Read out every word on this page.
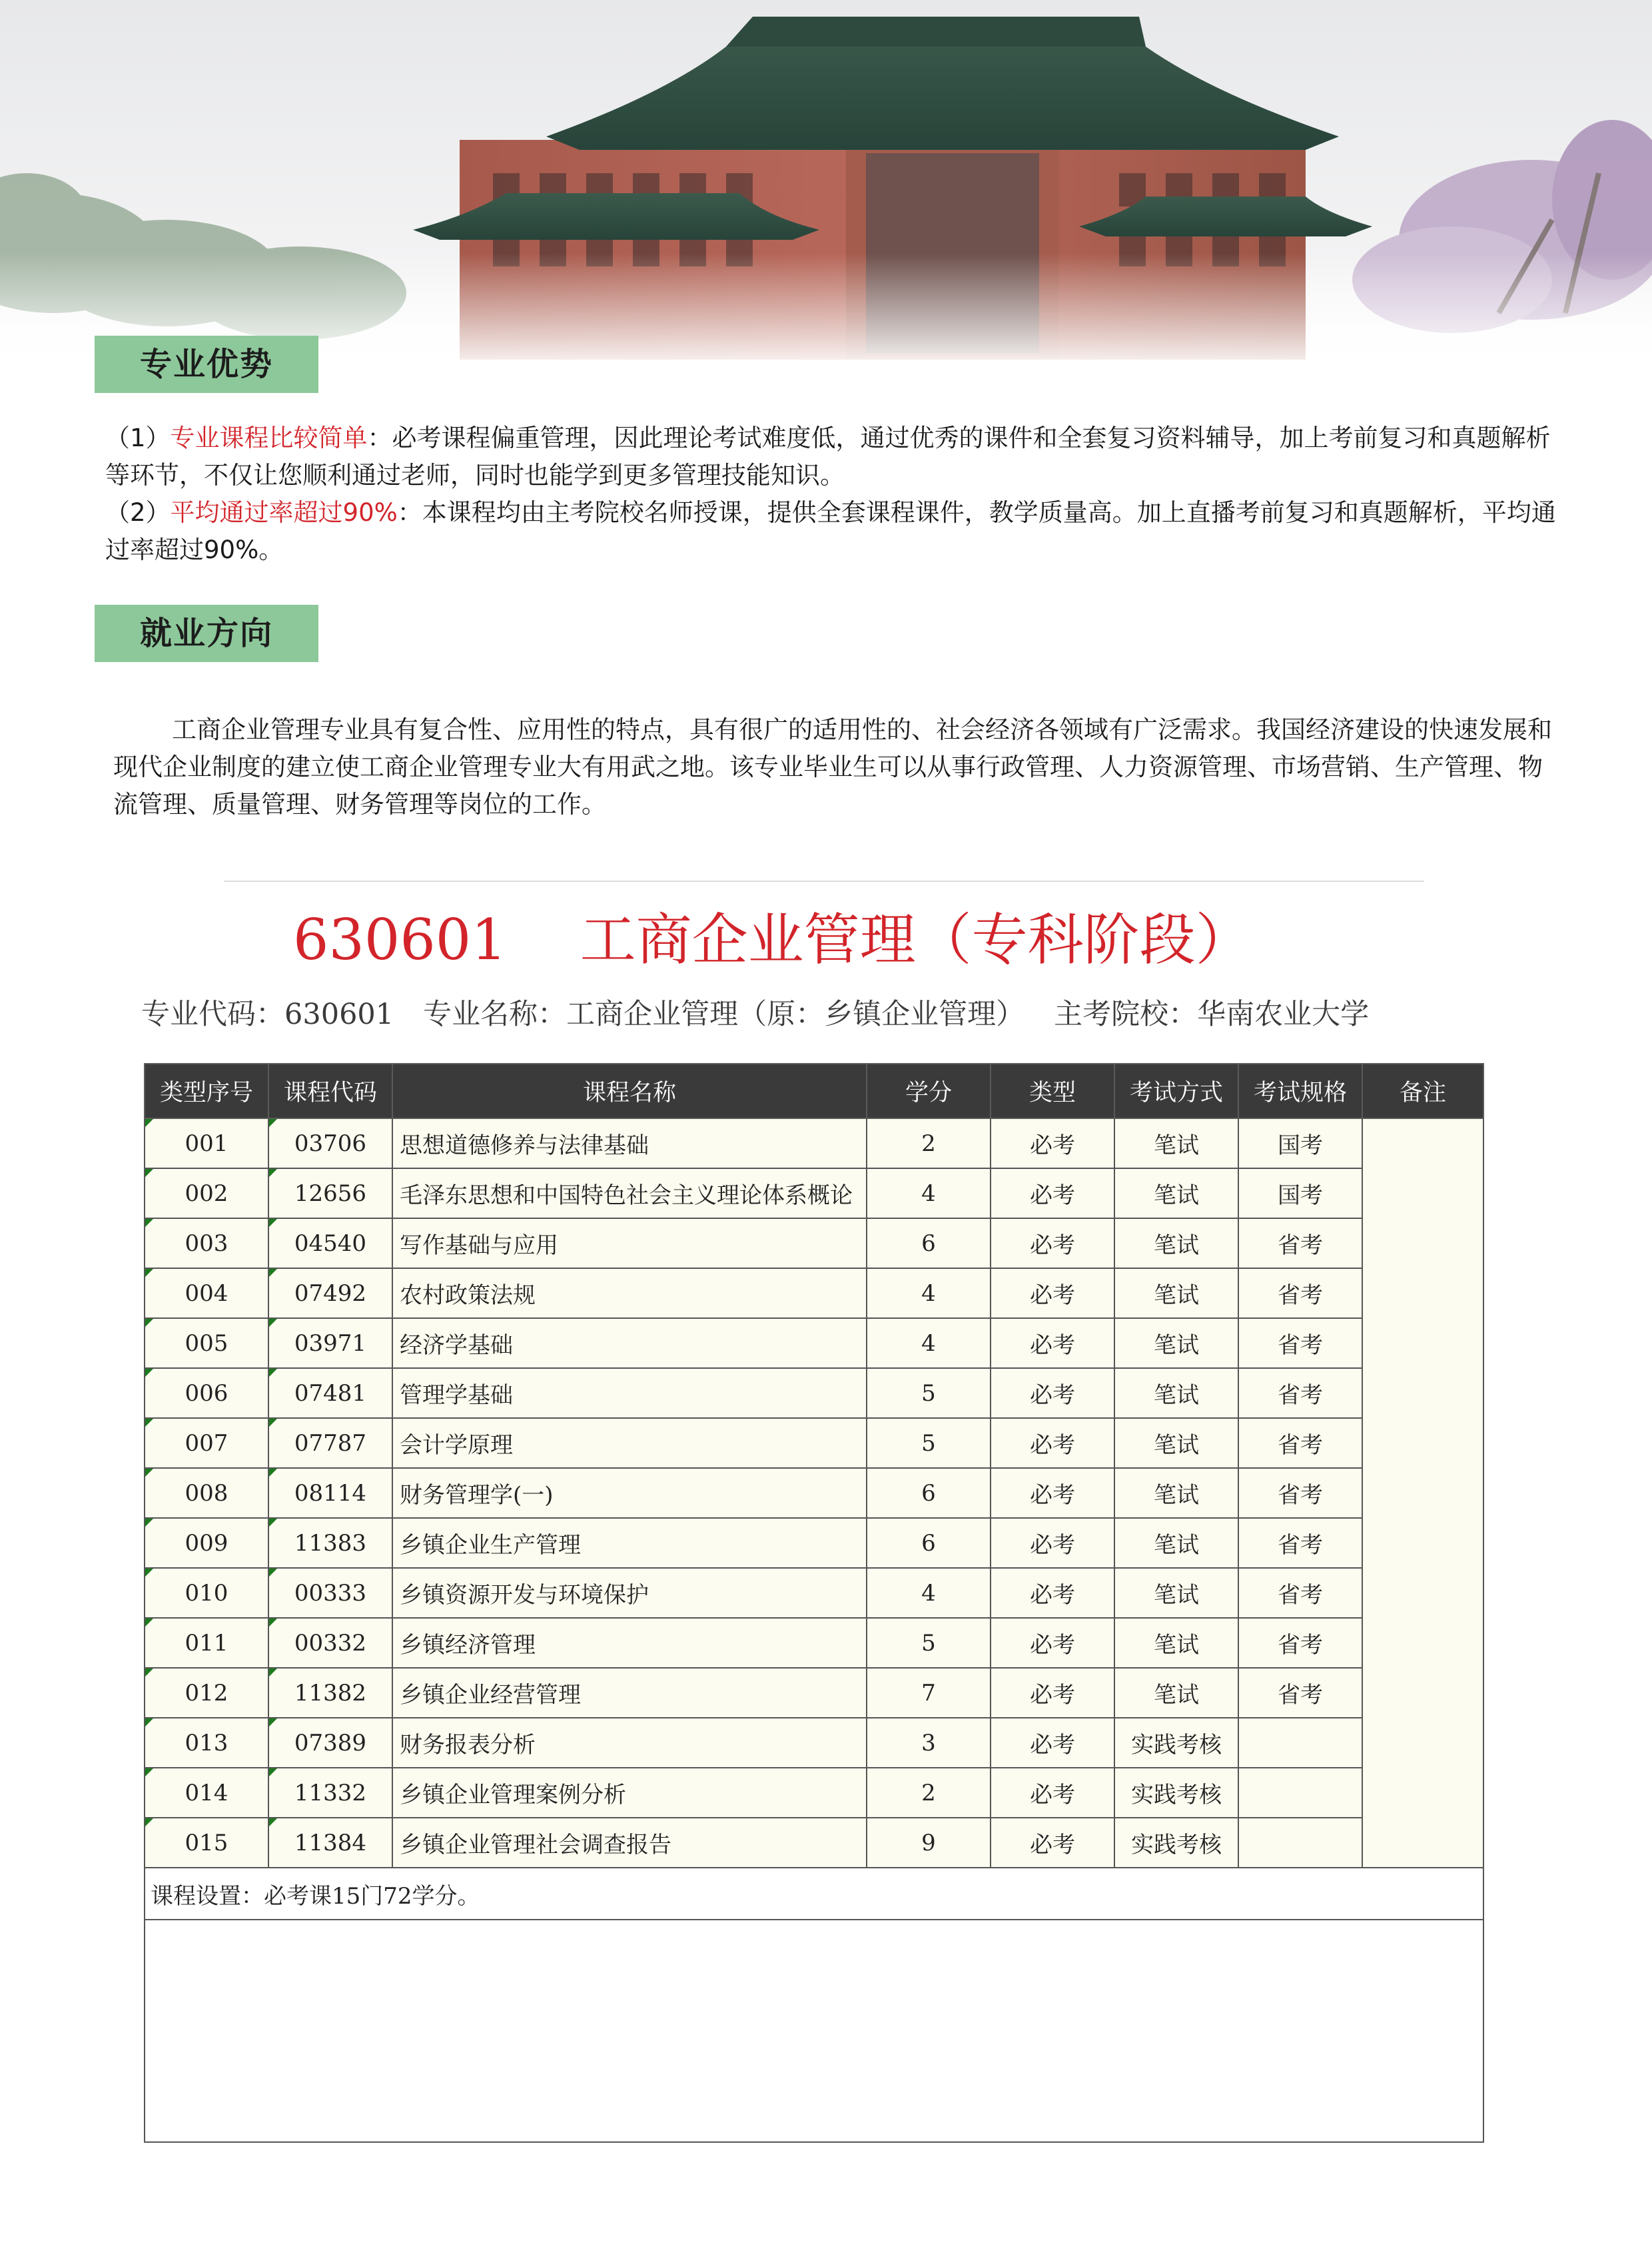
专业优势
（1）专业课程比较简单：必考课程偏重管理，因此理论考试难度低，通过优秀的课件和全套复习资料辅导，加上考前复习和真题解析等环节，不仅让您顺利通过老师，同时也能学到更多管理技能知识。
（2）平均通过率超过90%：本课程均由主考院校名师授课，提供全套课程课件，教学质量高。加上直播考前复习和真题解析，平均通过率超过90%。
就业方向
工商企业管理专业具有复合性、应用性的特点，具有很广的适用性的、社会经济各领域有广泛需求。我国经济建设的快速发展和现代企业制度的建立使工商企业管理专业大有用武之地。该专业毕业生可以从事行政管理、人力资源管理、市场营销、生产管理、物流管理、质量管理、财务管理等岗位的工作。
630601 工商企业管理（专科阶段）
专业代码：630601 专业名称：工商企业管理（原：乡镇企业管理） 主考院校：华南农业大学
类型序号	课程代码	课程名称	学分	类型	考试方式	考试规格	备注
001	03706	思想道德修养与法律基础	2	必考	笔试	国考	
002	12656	毛泽东思想和中国特色社会主义理论体系概论	4	必考	笔试	国考	
003	04540	写作基础与应用	6	必考	笔试	省考	
004	07492	农村政策法规	4	必考	笔试	省考	
005	03971	经济学基础	4	必考	笔试	省考	
006	07481	管理学基础	5	必考	笔试	省考	
007	07787	会计学原理	5	必考	笔试	省考	
008	08114	财务管理学(一)	6	必考	笔试	省考	
009	11383	乡镇企业生产管理	6	必考	笔试	省考	
010	00333	乡镇资源开发与环境保护	4	必考	笔试	省考	
011	00332	乡镇经济管理	5	必考	笔试	省考	
012	11382	乡镇企业经营管理	7	必考	笔试	省考	
013	07389	财务报表分析	3	必考	实践考核		
014	11332	乡镇企业管理案例分析	2	必考	实践考核		
015	11384	乡镇企业管理社会调查报告	9	必考	实践考核		
课程设置：必考课15门72学分。							
